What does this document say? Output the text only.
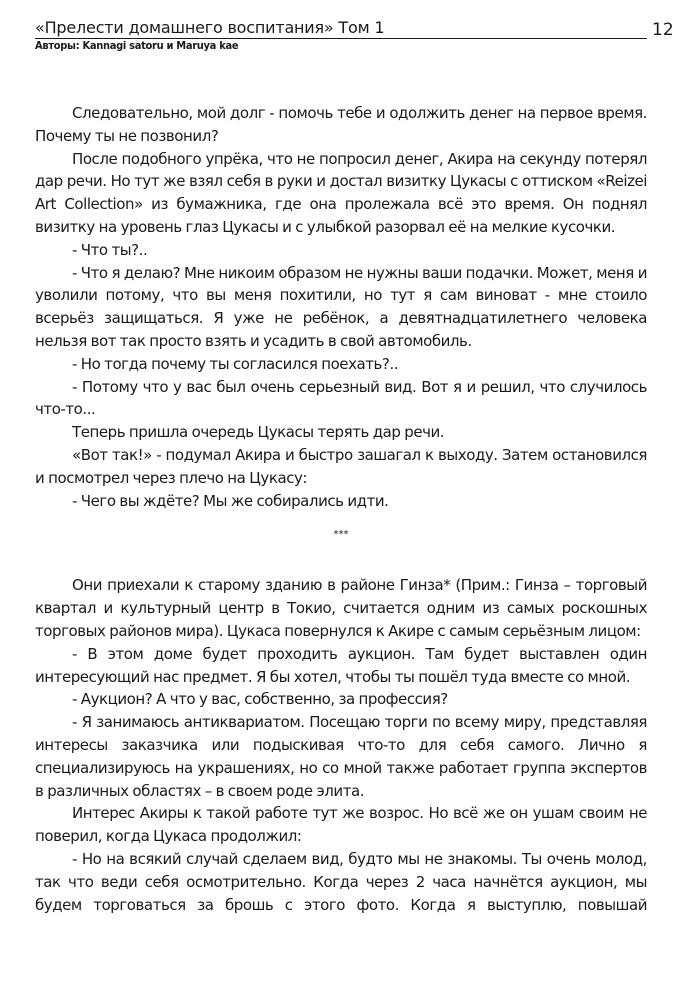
«Прелести домашнего воспитания» Том 1
Авторы: Kannagi satoru и Maruya kae
12

Следовательно, мой долг - помочь тебе и одолжить денег на первое время. Почему ты не позвонил?

После подобного упрёка, что не попросил денег, Акира на секунду потерял дар речи. Но тут же взял себя в руки и достал визитку Цукасы с оттиском «Reizei Art Collection» из бумажника, где она пролежала всё это время. Он поднял визитку на уровень глаз Цукасы и с улыбкой разорвал её на мелкие кусочки.

- Что ты?..

- Что я делаю? Мне никоим образом не нужны ваши подачки. Может, меня и уволили потому, что вы меня похитили, но тут я сам виноват - мне стоило всерьёз защищаться. Я уже не ребёнок, а девятнадцатилетнего человека нельзя вот так просто взять и усадить в свой автомобиль.

- Но тогда почему ты согласился поехать?..

- Потому что у вас был очень серьезный вид. Вот я и решил, что случилось что-то...

Теперь пришла очередь Цукасы терять дар речи.

«Вот так!» - подумал Акира и быстро зашагал к выходу. Затем остановился и посмотрел через плечо на Цукасу:

- Чего вы ждёте? Мы же собирались идти.

***

Они приехали к старому зданию в районе Гинза* (Прим.: Гинза – торговый квартал и культурный центр в Токио, считается одним из самых роскошных торговых районов мира). Цукаса повернулся к Акире с самым серьёзным лицом:

- В этом доме будет проходить аукцион. Там будет выставлен один интересующий нас предмет. Я бы хотел, чтобы ты пошёл туда вместе со мной.

- Аукцион? А что у вас, собственно, за профессия?

- Я занимаюсь антиквариатом. Посещаю торги по всему миру, представляя интересы заказчика или подыскивая что-то для себя самого. Лично я специализируюсь на украшениях, но со мной также работает группа экспертов в различных областях – в своем роде элита.

Интерес Акиры к такой работе тут же возрос. Но всё же он ушам своим не поверил, когда Цукаса продолжил:

- Но на всякий случай сделаем вид, будто мы не знакомы. Ты очень молод, так что веди себя осмотрительно. Когда через 2 часа начнётся аукцион, мы будем торговаться за брошь с этого фото. Когда я выступлю, повышай
